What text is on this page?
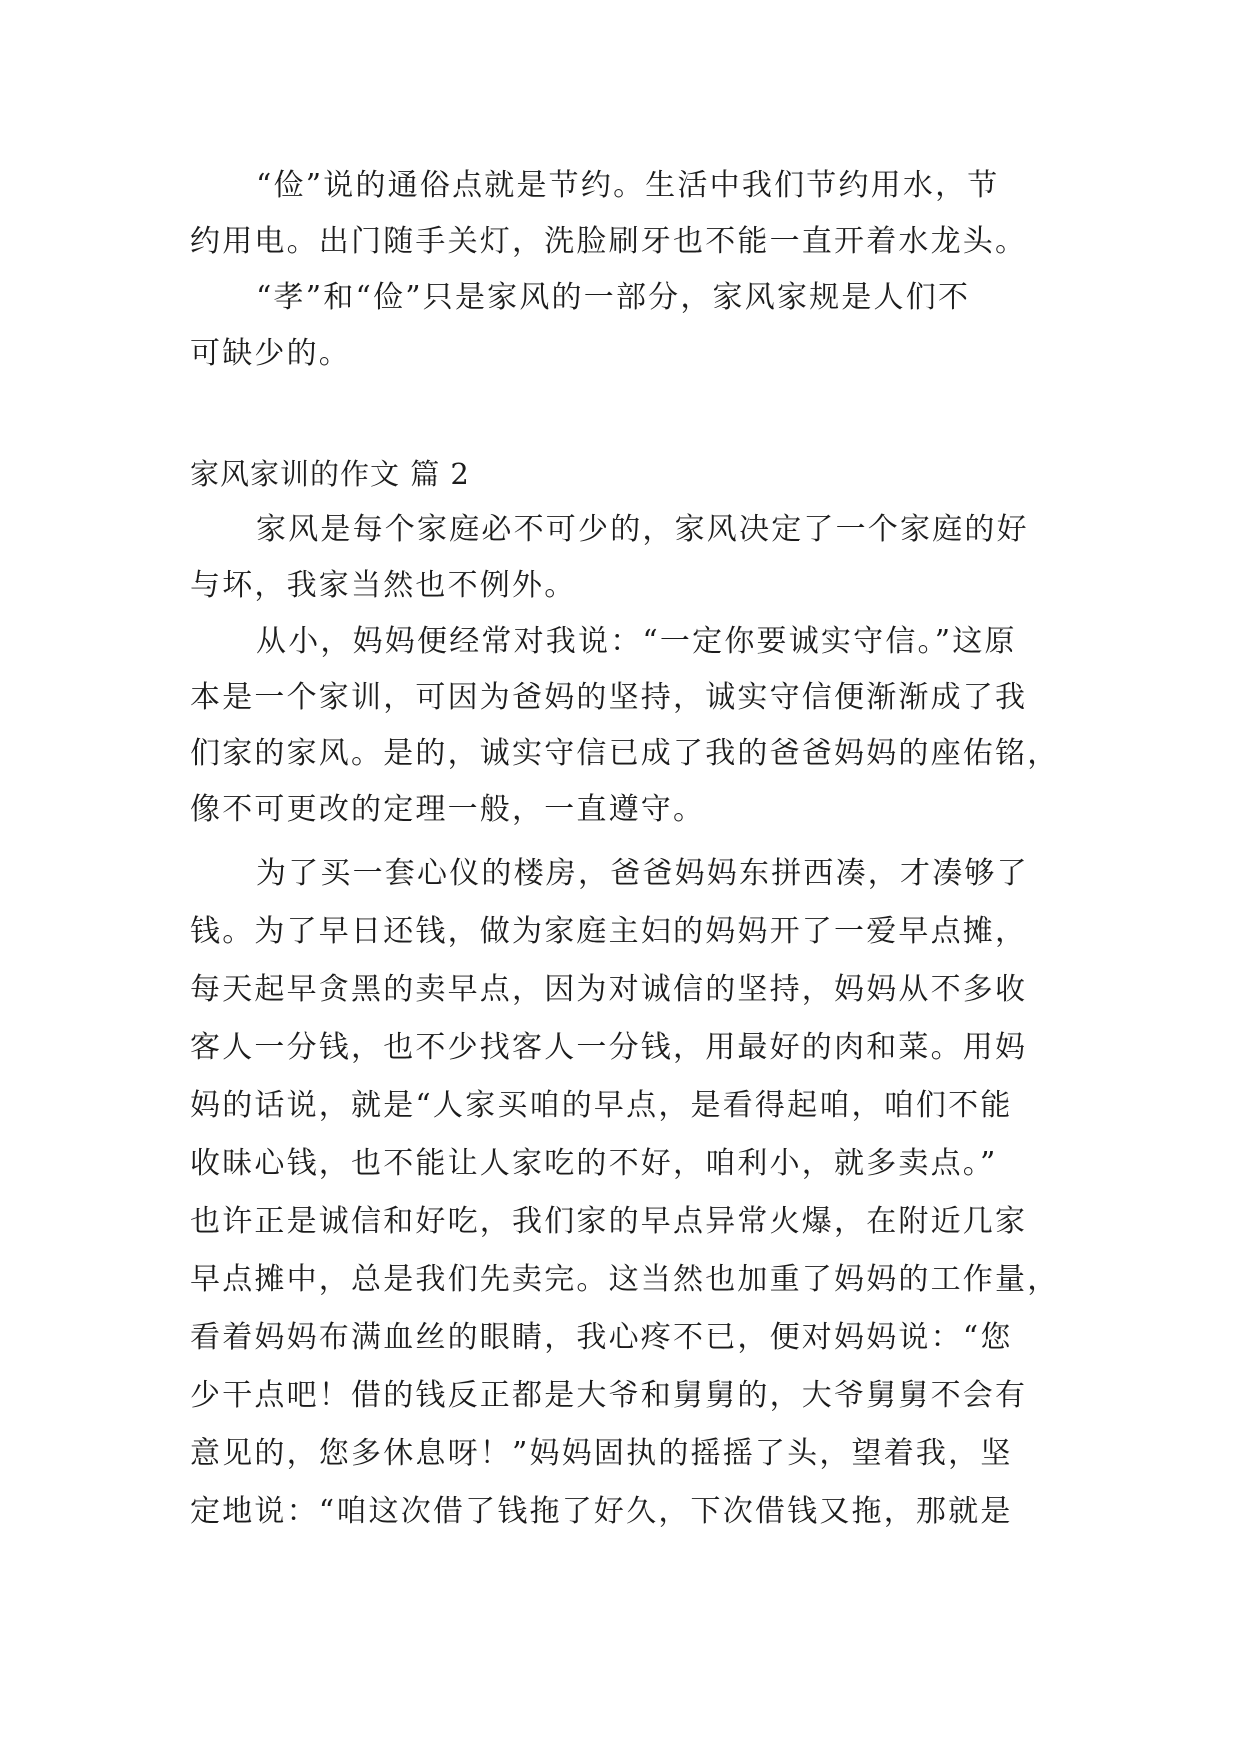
“俭”说的通俗点就是节约。生活中我们节约用水，节
约用电。出门随手关灯，洗脸刷牙也不能一直开着水龙头。
“孝”和“俭”只是家风的一部分，家风家规是人们不
可缺少的。
家风家训的作文 篇 2
家风是每个家庭必不可少的，家风决定了一个家庭的好
与坏，我家当然也不例外。
从小，妈妈便经常对我说：“一定你要诚实守信。”这原
本是一个家训，可因为爸妈的坚持，诚实守信便渐渐成了我
们家的家风。是的，诚实守信已成了我的爸爸妈妈的座佑铭，
像不可更改的定理一般，一直遵守。
为了买一套心仪的楼房，爸爸妈妈东拼西凑，才凑够了
钱。为了早日还钱，做为家庭主妇的妈妈开了一爱早点摊，
每天起早贪黑的卖早点，因为对诚信的坚持，妈妈从不多收
客人一分钱，也不少找客人一分钱，用最好的肉和菜。用妈
妈的话说，就是“人家买咱的早点，是看得起咱，咱们不能
收昧心钱，也不能让人家吃的不好，咱利小，就多卖点。”
也许正是诚信和好吃，我们家的早点异常火爆，在附近几家
早点摊中，总是我们先卖完。这当然也加重了妈妈的工作量，
看着妈妈布满血丝的眼睛，我心疼不已，便对妈妈说：“您
少干点吧！借的钱反正都是大爷和舅舅的，大爷舅舅不会有
意见的，您多休息呀！”妈妈固执的摇摇了头，望着我，坚
定地说：“咱这次借了钱拖了好久，下次借钱又拖，那就是
